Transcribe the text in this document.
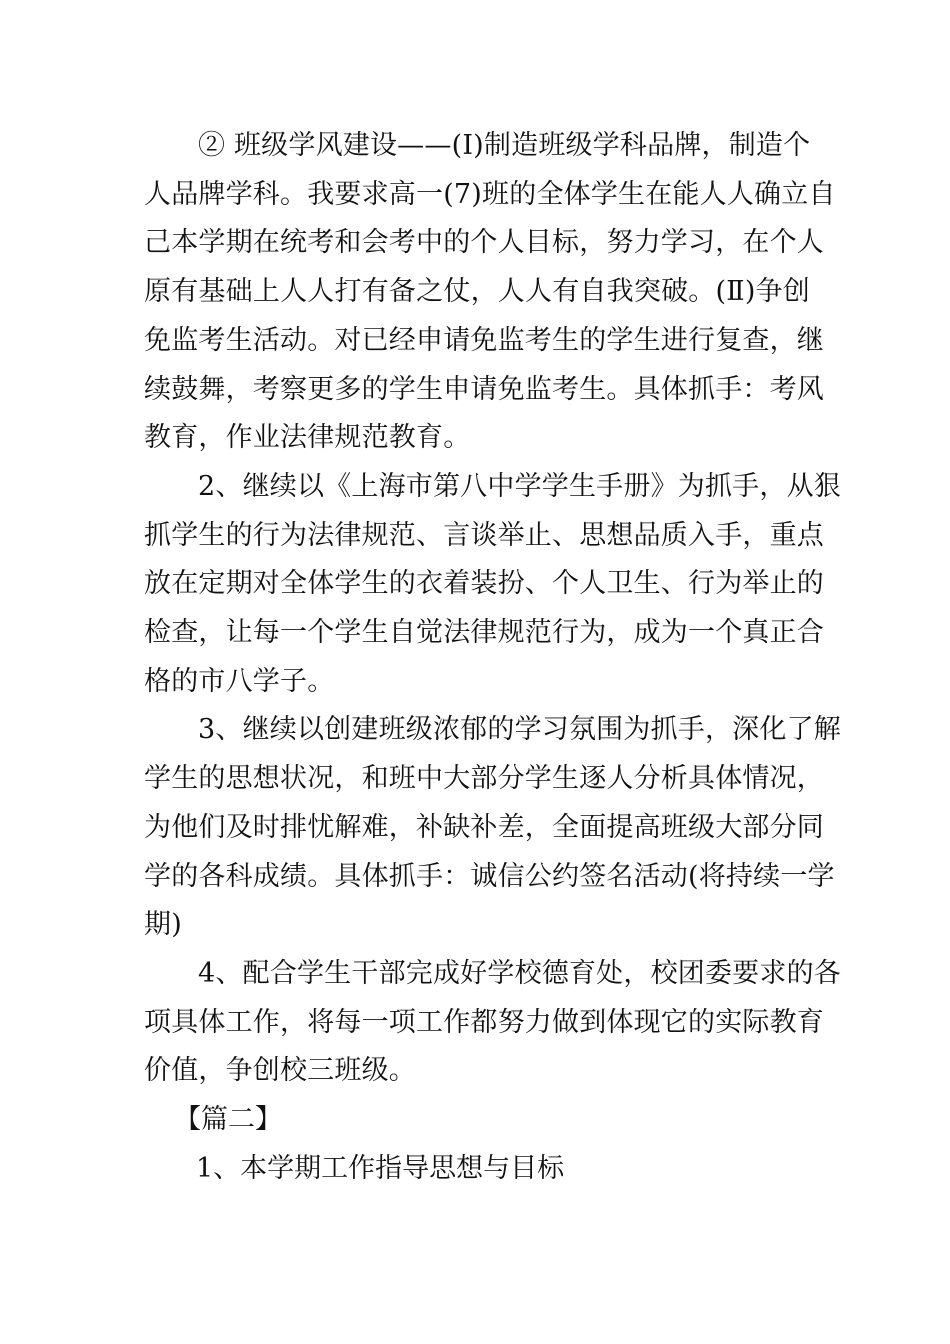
② 班级学风建设——(Ⅰ)制造班级学科品牌，制造个
人品牌学科。我要求高一(7)班的全体学生在能人人确立自
己本学期在统考和会考中的个人目标，努力学习，在个人
原有基础上人人打有备之仗，人人有自我突破。(Ⅱ)争创
免监考生活动。对已经申请免监考生的学生进行复查，继
续鼓舞，考察更多的学生申请免监考生。具体抓手：考风
教育，作业法律规范教育。
2、继续以《上海市第八中学学生手册》为抓手，从狠
抓学生的行为法律规范、言谈举止、思想品质入手，重点
放在定期对全体学生的衣着装扮、个人卫生、行为举止的
检查，让每一个学生自觉法律规范行为，成为一个真正合
格的市八学子。
3、继续以创建班级浓郁的学习氛围为抓手，深化了解
学生的思想状况，和班中大部分学生逐人分析具体情况，
为他们及时排忧解难，补缺补差，全面提高班级大部分同
学的各科成绩。具体抓手：诚信公约签名活动(将持续一学
期)
4、配合学生干部完成好学校德育处，校团委要求的各
项具体工作，将每一项工作都努力做到体现它的实际教育
价值，争创校三班级。

【篇二】

1、本学期工作指导思想与目标
